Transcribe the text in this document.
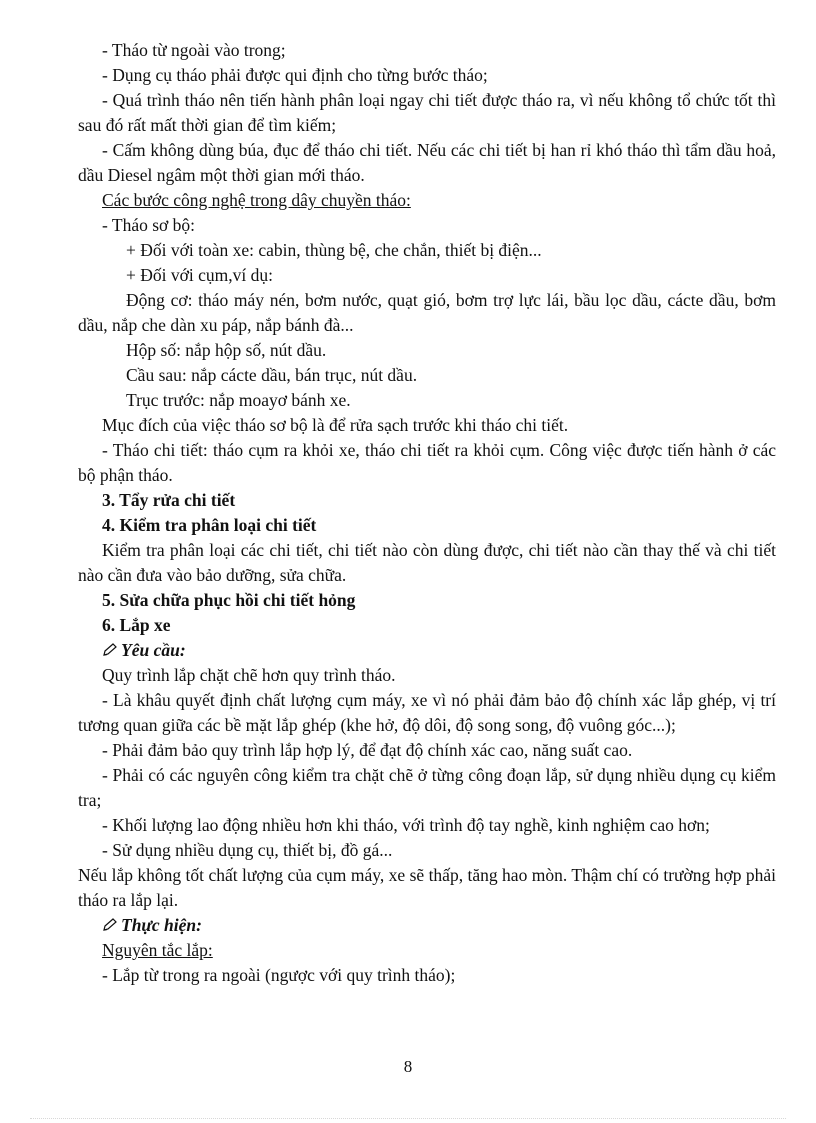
- Tháo từ ngoài vào trong;
- Dụng cụ tháo phải được qui định cho từng bước tháo;
- Quá trình tháo nên tiến hành phân loại ngay chi tiết được tháo ra, vì nếu không tổ chức tốt thì sau đó rất mất thời gian để tìm kiếm;
- Cấm không dùng búa, đục để tháo chi tiết. Nếu các chi tiết bị han rỉ khó tháo thì tẩm dầu hoả, dầu Diesel ngâm một thời gian mới tháo.
Các bước công nghệ trong dây chuyền tháo:
- Tháo sơ bộ:
+ Đối với toàn xe: cabin, thùng bệ, che chắn, thiết bị điện...
+ Đối với cụm,ví dụ:
Động cơ: tháo máy nén, bơm nước, quạt gió, bơm trợ lực lái, bầu lọc dầu, cácte dầu, bơm dầu, nắp che dàn xu páp, nắp bánh đà...
Hộp số: nắp hộp số, nút dầu.
Cầu sau: nắp cácte dầu, bán trục, nút dầu.
Trục trước: nắp moayơ bánh xe.
Mục đích của việc tháo sơ bộ là để rửa sạch trước khi tháo chi tiết.
- Tháo chi tiết: tháo cụm ra khỏi xe, tháo chi tiết ra khỏi cụm. Công việc được tiến hành ở các bộ phận tháo.
3. Tẩy rửa chi tiết
4. Kiểm tra phân loại chi tiết
Kiểm tra phân loại các chi tiết, chi tiết nào còn dùng được, chi tiết nào cần thay thế và chi tiết nào cần đưa vào bảo dưỡng, sửa chữa.
5. Sửa chữa phục hồi chi tiết hỏng
6. Lắp xe
Yêu cầu:
Quy trình lắp chặt chẽ hơn quy trình tháo.
- Là khâu quyết định chất lượng cụm máy, xe vì nó phải đảm bảo độ chính xác lắp ghép, vị trí tương quan giữa các bề mặt lắp ghép (khe hở, độ dôi, độ song song, độ vuông góc...);
- Phải đảm bảo quy trình lắp hợp lý, để đạt độ chính xác cao, năng suất cao.
- Phải có các nguyên công kiểm tra chặt chẽ ở từng công đoạn lắp, sử dụng nhiều dụng cụ kiểm tra;
- Khối lượng lao động nhiều hơn khi tháo, với trình độ tay nghề, kinh nghiệm cao hơn;
- Sử dụng nhiều dụng cụ, thiết bị, đồ gá...
Nếu lắp không tốt chất lượng của cụm máy, xe sẽ thấp, tăng hao mòn. Thậm chí có trường hợp phải tháo ra lắp lại.
Thực hiện:
Nguyên tắc lắp:
- Lắp từ trong ra ngoài (ngược với quy trình tháo);
8
